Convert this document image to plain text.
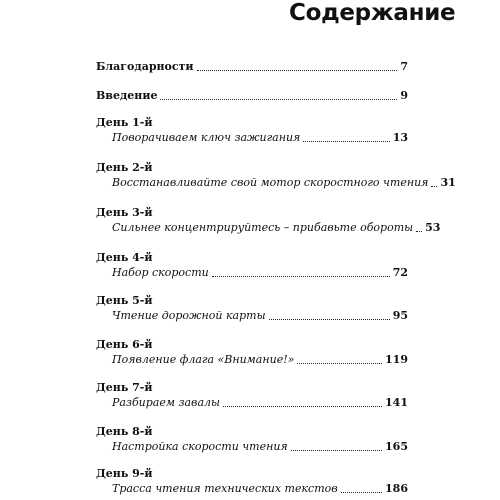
Содержание
Благодарности	7
Введение	9
День 1-й
Поворачиваем ключ зажигания	13
День 2-й
Восстанавливайте свой мотор скоростного чтения 31
День 3-й
Сильнее концентрируйтесь – прибавьте обороты 53
День 4-й
Набор скорости	72
День 5-й
Чтение дорожной карты	95
День 6-й
Появление флага «Внимание!»	119
День 7-й
Разбираем завалы	141
День 8-й
Настройка скорости чтения	165
День 9-й
Трасса чтения технических текстов	186
